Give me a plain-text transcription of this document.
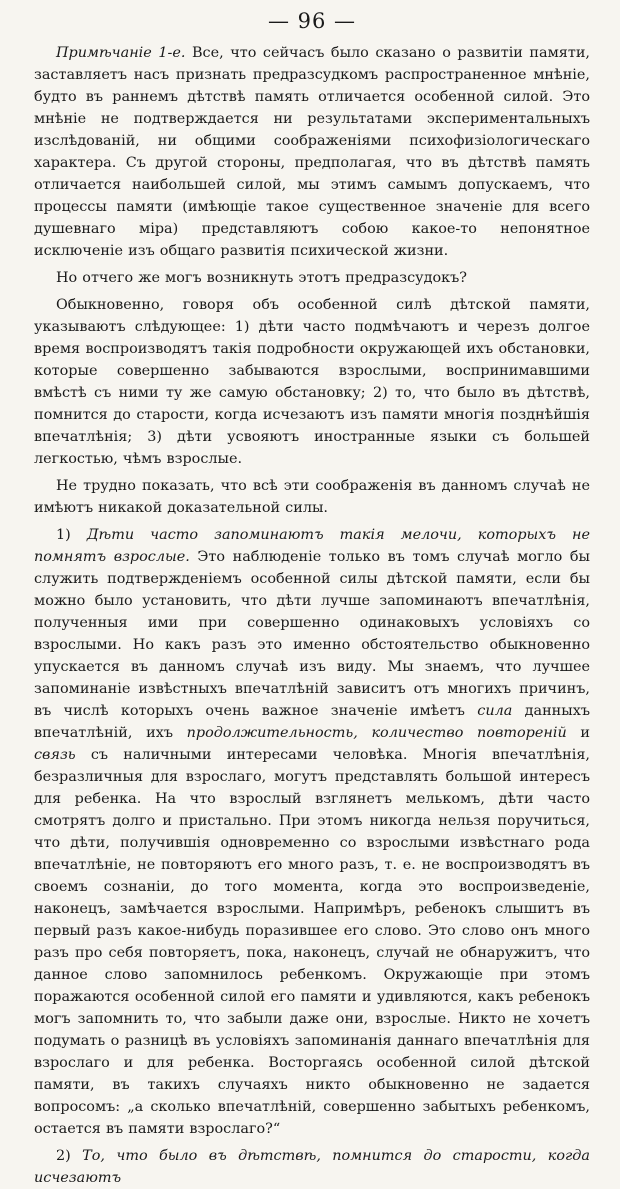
— 96 —

Примѣчаніе 1-е. Все, что сейчасъ было сказано о развитіи памяти, заставляетъ насъ признать предразсудкомъ распространенное мнѣніе, будто въ раннемъ дѣтствѣ память отличается особенной силой. Это мнѣніе не подтверждается ни результатами экспериментальныхъ изслѣдованій, ни общими соображеніями психофизіологическаго характера. Съ другой стороны, предполагая, что въ дѣтствѣ память отличается наибольшей силой, мы этимъ самымъ допускаемъ, что процессы памяти (имѣющіе такое существенное значеніе для всего душевнаго міра) представляютъ собою какое-то непонятное исключеніе изъ общаго развитія психической жизни.

Но отчего же могъ возникнуть этотъ предразсудокъ?

Обыкновенно, говоря объ особенной силѣ дѣтской памяти, указываютъ слѣдующее: 1) дѣти часто подмѣчаютъ и черезъ долгое время воспроизводятъ такія подробности окружающей ихъ обстановки, которые совершенно забываются взрослыми, воспринимавшими вмѣстѣ съ ними ту же самую обстановку; 2) то, что было въ дѣтствѣ, помнится до старости, когда исчезаютъ изъ памяти многія позднѣйшія впечатлѣнія; 3) дѣти усвояютъ иностранные языки съ большей легкостью, чѣмъ взрослые.

Не трудно показать, что всѣ эти соображенія въ данномъ случаѣ не имѣютъ никакой доказательной силы.

1) Дѣти часто запоминаютъ такія мелочи, которыхъ не помнятъ взрослые. Это наблюденіе только въ томъ случаѣ могло бы служить подтвержденіемъ особенной силы дѣтской памяти, если бы можно было установить, что дѣти лучше запоминаютъ впечатлѣнія, полученныя ими при совершенно одинаковыхъ условіяхъ со взрослыми. Но какъ разъ это именно обстоятельство обыкновенно упускается въ данномъ случаѣ изъ виду. Мы знаемъ, что лучшее запоминаніе извѣстныхъ впечатлѣній зависитъ отъ многихъ причинъ, въ числѣ которыхъ очень важное значеніе имѣетъ сила данныхъ впечатлѣній, ихъ продолжительность, количество повтореній и связь съ наличными интересами человѣка. Многія впечатлѣнія, безразличныя для взрослаго, могутъ представлять большой интересъ для ребенка. На что взрослый взглянетъ мелькомъ, дѣти часто смотрятъ долго и пристально. При этомъ никогда нельзя поручиться, что дѣти, получившія одновременно со взрослыми извѣстнаго рода впечатлѣніе, не повторяютъ его много разъ, т. е. не воспроизводятъ въ своемъ сознаніи, до того момента, когда это воспроизведеніе, наконецъ, замѣчается взрослыми. Напримѣръ, ребенокъ слышитъ въ первый разъ какое-нибудь поразившее его слово. Это слово онъ много разъ про себя повторяетъ, пока, наконецъ, случай не обнаружитъ, что данное слово запомнилось ребенкомъ. Окружающіе при этомъ поражаются особенной силой его памяти и удивляются, какъ ребенокъ могъ запомнить то, что забыли даже они, взрослые. Никто не хочетъ подумать о разницѣ въ условіяхъ запоминанія даннаго впечатлѣнія для взрослаго и для ребенка. Восторгаясь особенной силой дѣтской памяти, въ такихъ случаяхъ никто обыкновенно не задается вопросомъ: „а сколько впечатлѣній, совершенно забытыхъ ребенкомъ, остается въ памяти взрослаго?“

2) То, что было въ дѣтствѣ, помнится до старости, когда исчезаютъ
